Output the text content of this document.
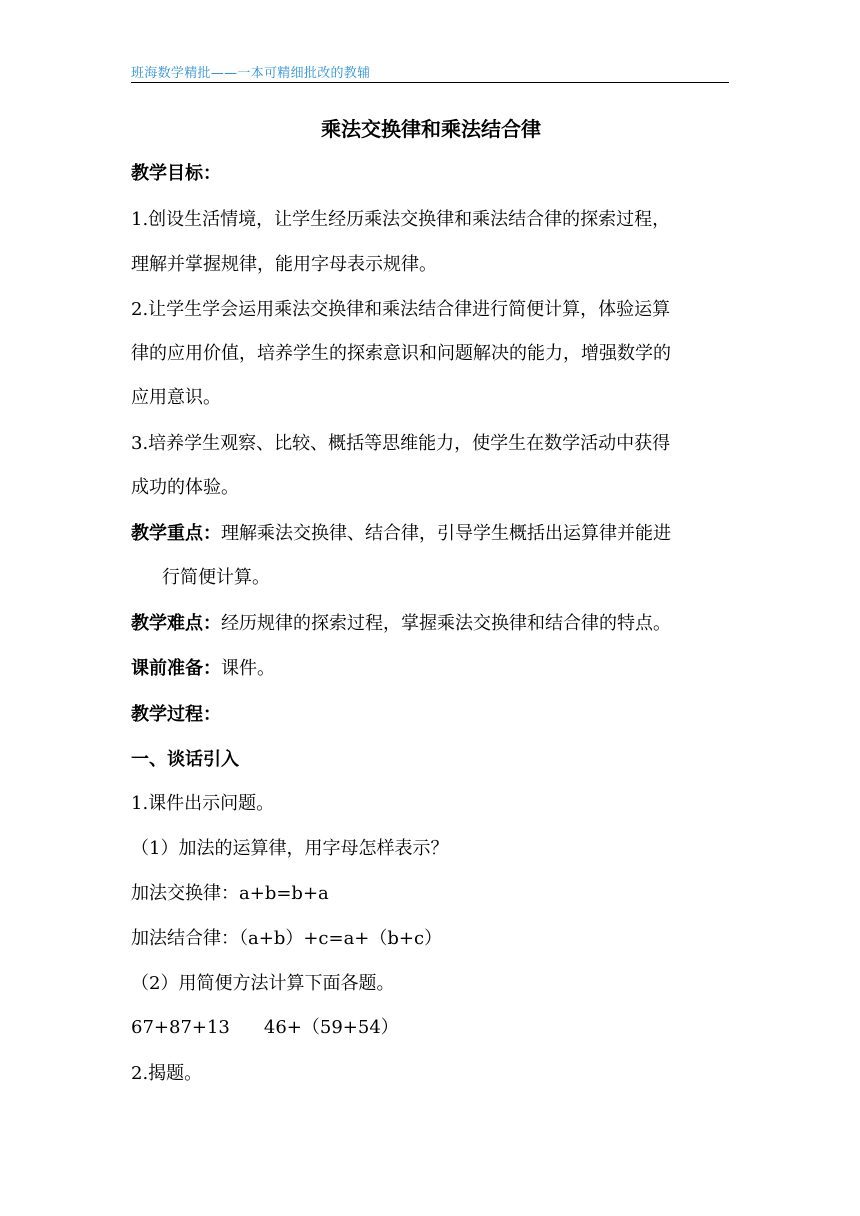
班海数学精批——一本可精细批改的教辅
乘法交换律和乘法结合律
教学目标：
1.创设生活情境，让学生经历乘法交换律和乘法结合律的探索过程，
理解并掌握规律，能用字母表示规律。
2.让学生学会运用乘法交换律和乘法结合律进行简便计算，体验运算
律的应用价值，培养学生的探索意识和问题解决的能力，增强数学的
应用意识。
3.培养学生观察、比较、概括等思维能力，使学生在数学活动中获得
成功的体验。
教学重点：理解乘法交换律、结合律，引导学生概括出运算律并能进
行简便计算。
教学难点：经历规律的探索过程，掌握乘法交换律和结合律的特点。
课前准备：课件。
教学过程：
一、谈话引入
1.课件出示问题。
（1）加法的运算律，用字母怎样表示？
加法交换律：a+b=b+a
加法结合律：（a+b）+c=a+（b+c）
（2）用简便方法计算下面各题。
67+87+13 46+（59+54）
2.揭题。
